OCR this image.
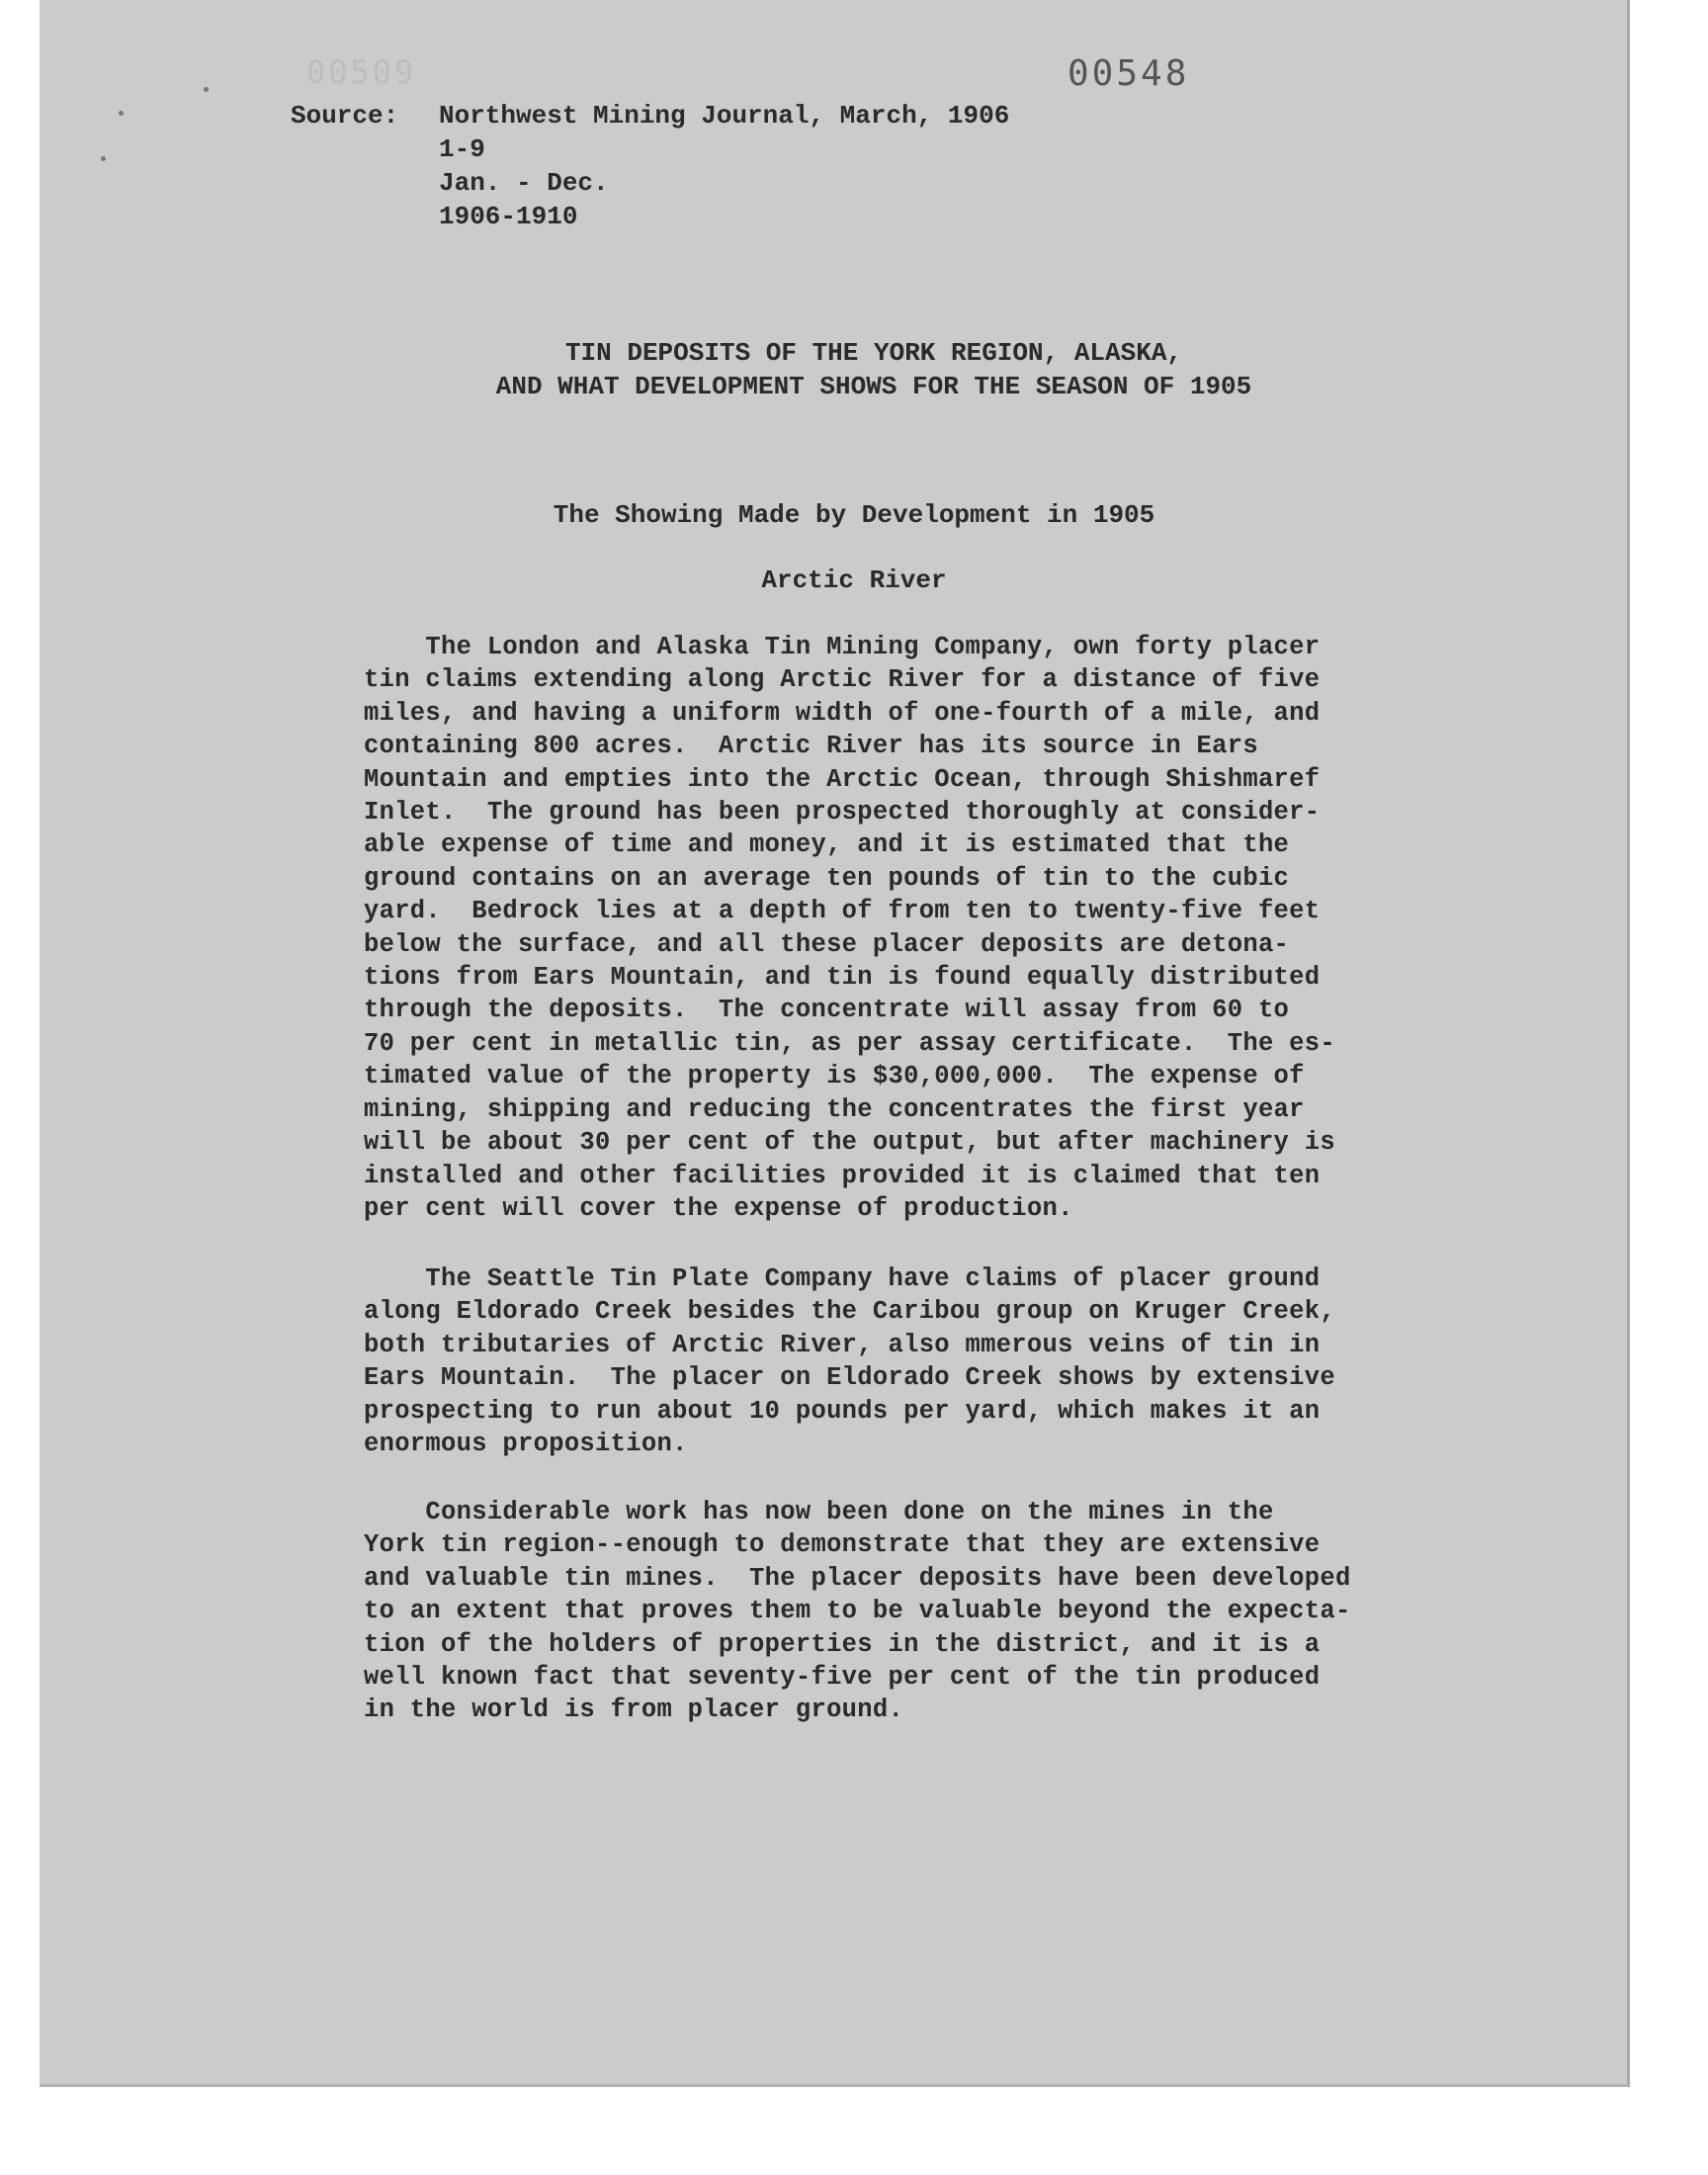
00509	00548
Source: Northwest Mining Journal, March, 1906
1-9
Jan. - Dec.
1906-1910
TIN DEPOSITS OF THE YORK REGION, ALASKA,
AND WHAT DEVELOPMENT SHOWS FOR THE SEASON OF 1905
The Showing Made by Development in 1905
Arctic River
The London and Alaska Tin Mining Company, own forty placer
tin claims extending along Arctic River for a distance of five
miles, and having a uniform width of one-fourth of a mile, and
containing 800 acres.  Arctic River has its source in Ears
Mountain and empties into the Arctic Ocean, through Shishmaref
Inlet.  The ground has been prospected thoroughly at consider-
able expense of time and money, and it is estimated that the
ground contains on an average ten pounds of tin to the cubic
yard.  Bedrock lies at a depth of from ten to twenty-five feet
below the surface, and all these placer deposits are detona-
tions from Ears Mountain, and tin is found equally distributed
through the deposits.  The concentrate will assay from 60 to
70 per cent in metallic tin, as per assay certificate.  The es-
timated value of the property is $30,000,000.  The expense of
mining, shipping and reducing the concentrates the first year
will be about 30 per cent of the output, but after machinery is
installed and other facilities provided it is claimed that ten
per cent will cover the expense of production.
The Seattle Tin Plate Company have claims of placer ground
along Eldorado Creek besides the Caribou group on Kruger Creek,
both tributaries of Arctic River, also mmerous veins of tin in
Ears Mountain.  The placer on Eldorado Creek shows by extensive
prospecting to run about 10 pounds per yard, which makes it an
enormous proposition.
Considerable work has now been done on the mines in the
York tin region--enough to demonstrate that they are extensive
and valuable tin mines.  The placer deposits have been developed
to an extent that proves them to be valuable beyond the expecta-
tion of the holders of properties in the district, and it is a
well known fact that seventy-five per cent of the tin produced
in the world is from placer ground.
